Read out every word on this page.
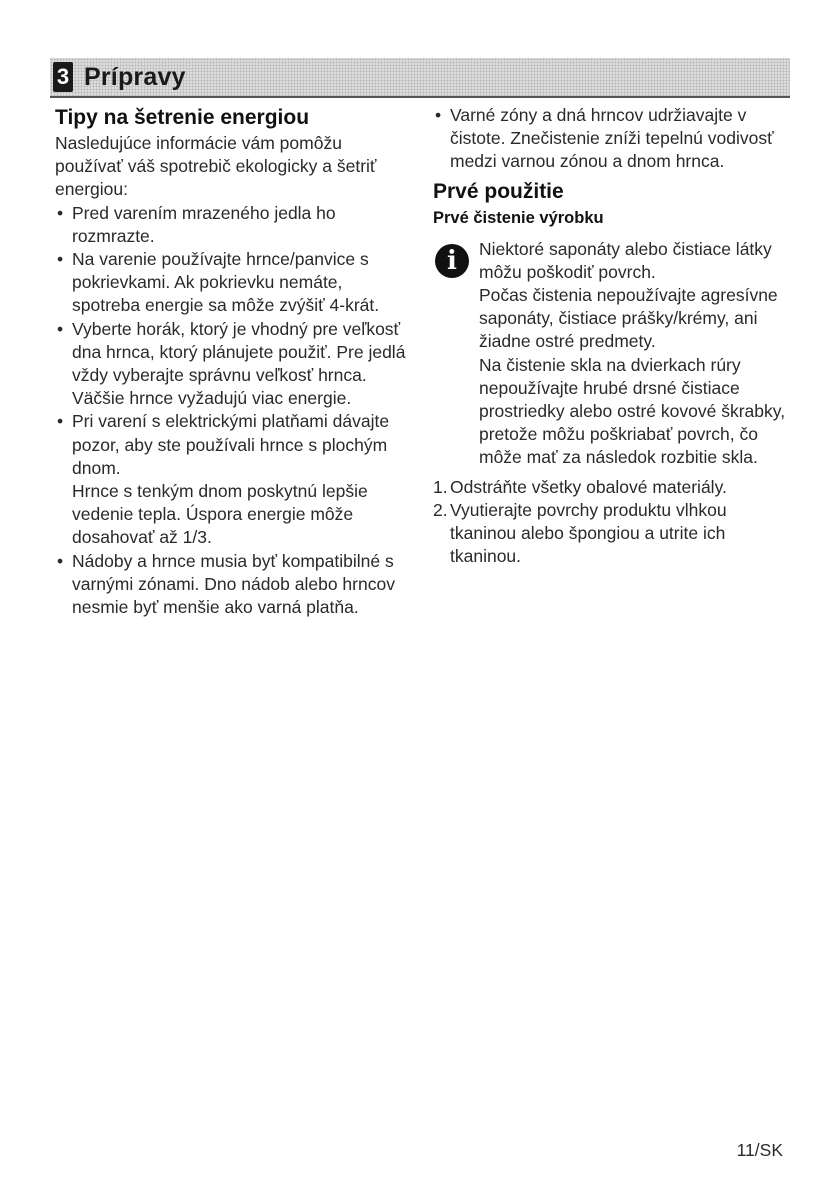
3 Prípravy

Tipy na šetrenie energiou

Nasledujúce informácie vám pomôžu používať váš spotrebič ekologicky a šetriť energiou:

• Pred varením mrazeného jedla ho rozmrazte.
• Na varenie používajte hrnce/panvice s pokrievkami. Ak pokrievku nemáte, spotreba energie sa môže zvýšiť 4-krát.
• Vyberte horák, ktorý je vhodný pre veľkosť dna hrnca, ktorý plánujete použiť. Pre jedlá vždy vyberajte správnu veľkosť hrnca. Väčšie hrnce vyžadujú viac energie.
• Pri varení s elektrickými platňami dávajte pozor, aby ste používali hrnce s plochým dnom.
Hrnce s tenkým dnom poskytnú lepšie vedenie tepla. Úspora energie môže dosahovať až 1/3.
• Nádoby a hrnce musia byť kompatibilné s varnými zónami. Dno nádob alebo hrncov nesmie byť menšie ako varná platňa.
• Varné zóny a dná hrncov udržiavajte v čistote. Znečistenie zníži tepelnú vodivosť medzi varnou zónou a dnom hrnca.

Prvé použitie

Prvé čistenie výrobku

i	Niektoré saponáty alebo čistiace látky môžu poškodiť povrch.
Počas čistenia nepoužívajte agresívne saponáty, čistiace prášky/krémy, ani žiadne ostré predmety.
Na čistenie skla na dvierkach rúry nepoužívajte hrubé drsné čistiace prostriedky alebo ostré kovové škrabky, pretože môžu poškriabať povrch, čo môže mať za následok rozbitie skla.
1. Odstráňte všetky obalové materiály.
2. Vyutierajte povrchy produktu vlhkou tkaninou alebo špongiou a utrite ich tkaninou.
11/SK
